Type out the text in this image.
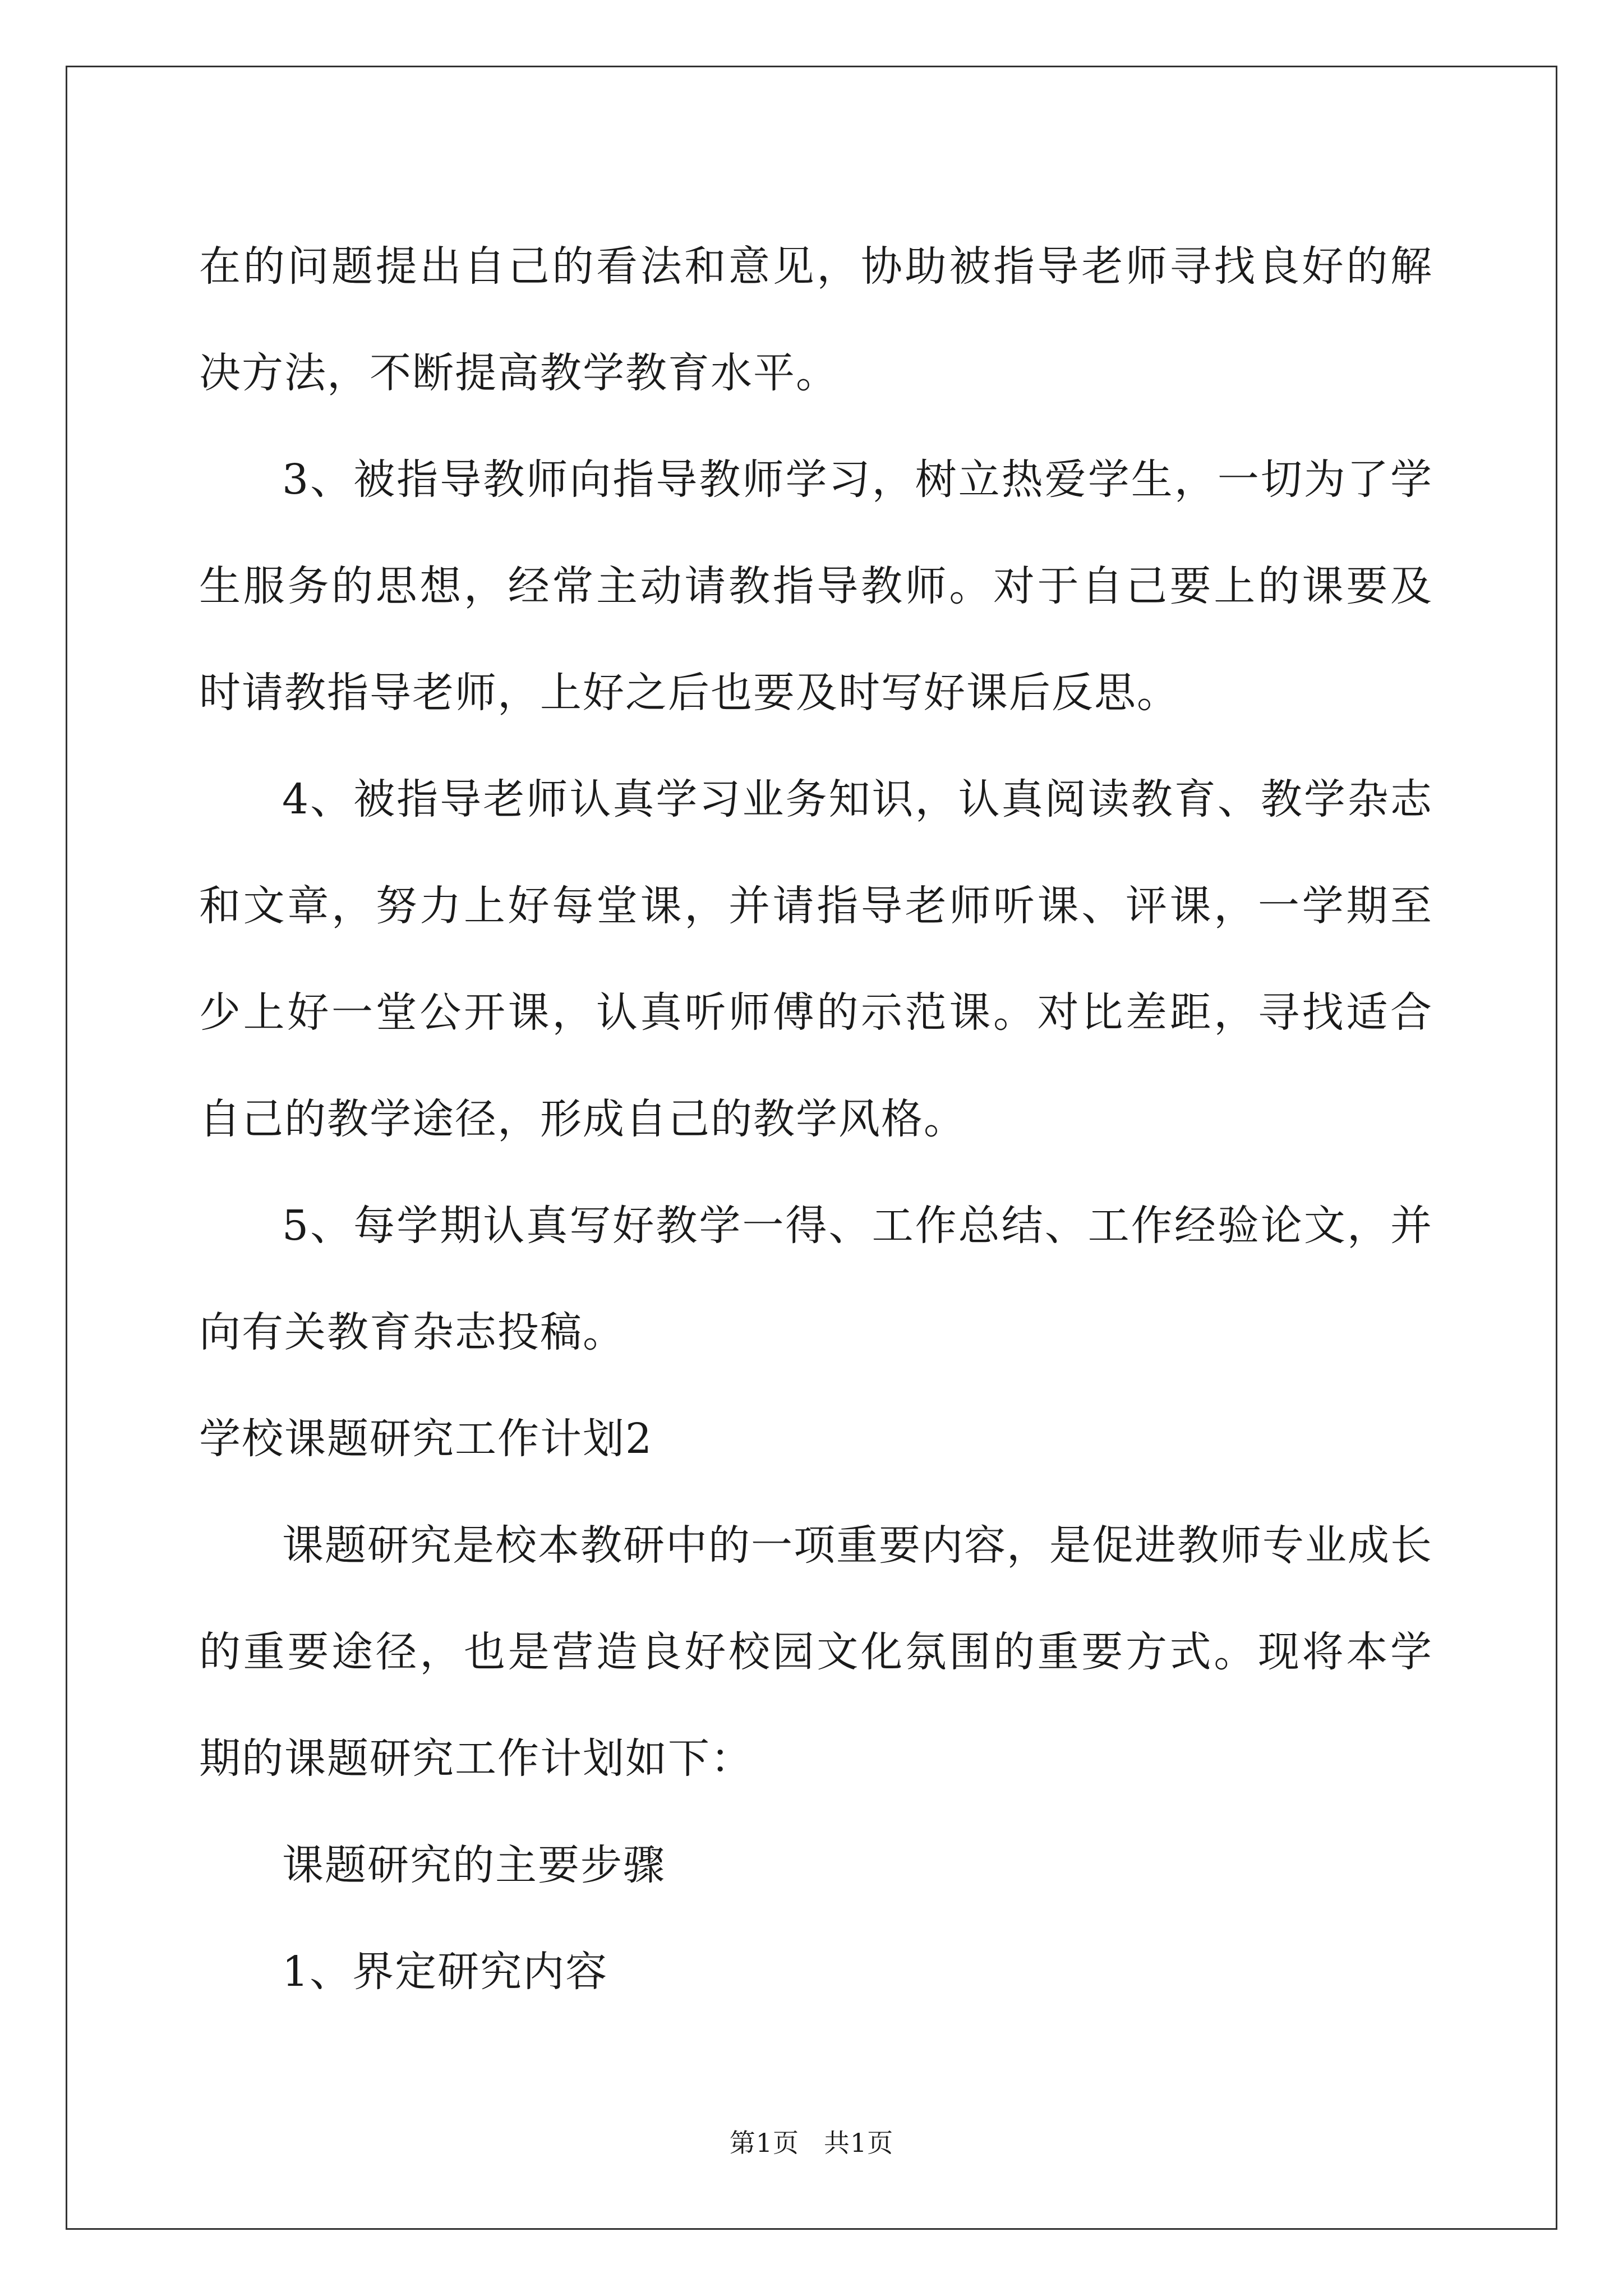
在的问题提出自己的看法和意见，协助被指导老师寻找良好的解决方法，不断提高教学教育水平。

3、被指导教师向指导教师学习，树立热爱学生，一切为了学生服务的思想，经常主动请教指导教师。对于自己要上的课要及时请教指导老师，上好之后也要及时写好课后反思。

4、被指导老师认真学习业务知识，认真阅读教育、教学杂志和文章，努力上好每堂课，并请指导老师听课、评课，一学期至少上好一堂公开课，认真听师傅的示范课。对比差距，寻找适合自己的教学途径，形成自己的教学风格。

5、每学期认真写好教学一得、工作总结、工作经验论文，并向有关教育杂志投稿。

学校课题研究工作计划2

课题研究是校本教研中的一项重要内容，是促进教师专业成长的重要途径，也是营造良好校园文化氛围的重要方式。现将本学期的课题研究工作计划如下：

课题研究的主要步骤

1、界定研究内容

第1页 共1页
